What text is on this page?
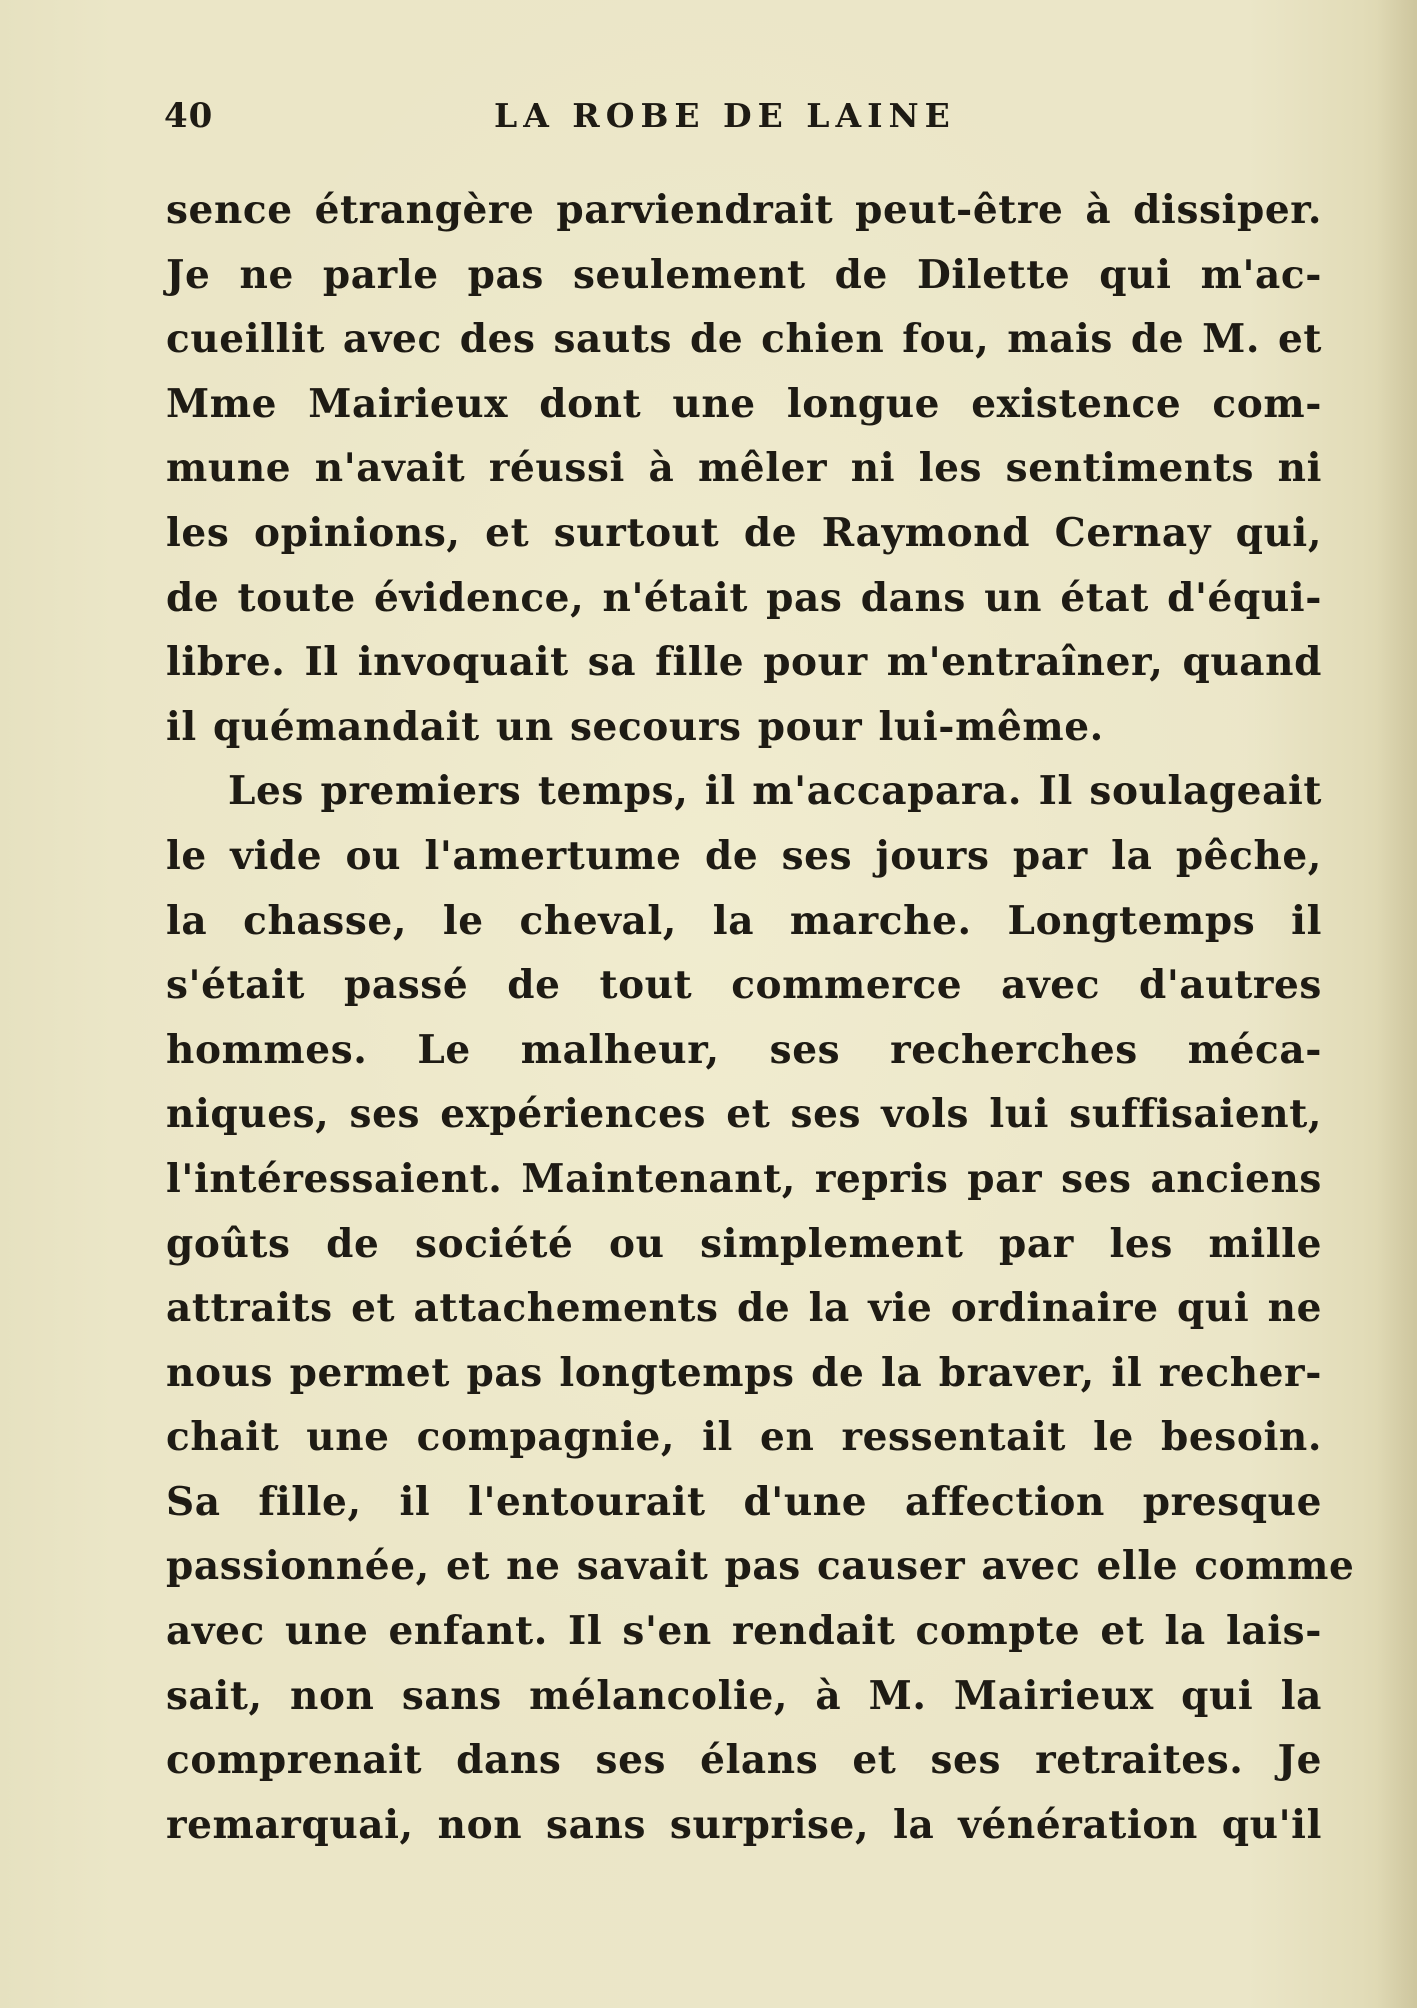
40	LA ROBE DE LAINE
sence étrangère parviendrait peut-être à dissiper.
Je ne parle pas seulement de Dilette qui m'ac-
cueillit avec des sauts de chien fou, mais de M. et
Mme Mairieux dont une longue existence com-
mune n'avait réussi à mêler ni les sentiments ni
les opinions, et surtout de Raymond Cernay qui,
de toute évidence, n'était pas dans un état d'équi-
libre. Il invoquait sa fille pour m'entraîner, quand
il quémandait un secours pour lui-même.
Les premiers temps, il m'accapara. Il soulageait
le vide ou l'amertume de ses jours par la pêche,
la chasse, le cheval, la marche. Longtemps il
s'était passé de tout commerce avec d'autres
hommes. Le malheur, ses recherches méca-
niques, ses expériences et ses vols lui suffisaient,
l'intéressaient. Maintenant, repris par ses anciens
goûts de société ou simplement par les mille
attraits et attachements de la vie ordinaire qui ne
nous permet pas longtemps de la braver, il recher-
chait une compagnie, il en ressentait le besoin.
Sa fille, il l'entourait d'une affection presque
passionnée, et ne savait pas causer avec elle comme
avec une enfant. Il s'en rendait compte et la lais-
sait, non sans mélancolie, à M. Mairieux qui la
comprenait dans ses élans et ses retraites. Je
remarquai, non sans surprise, la vénération qu'il
